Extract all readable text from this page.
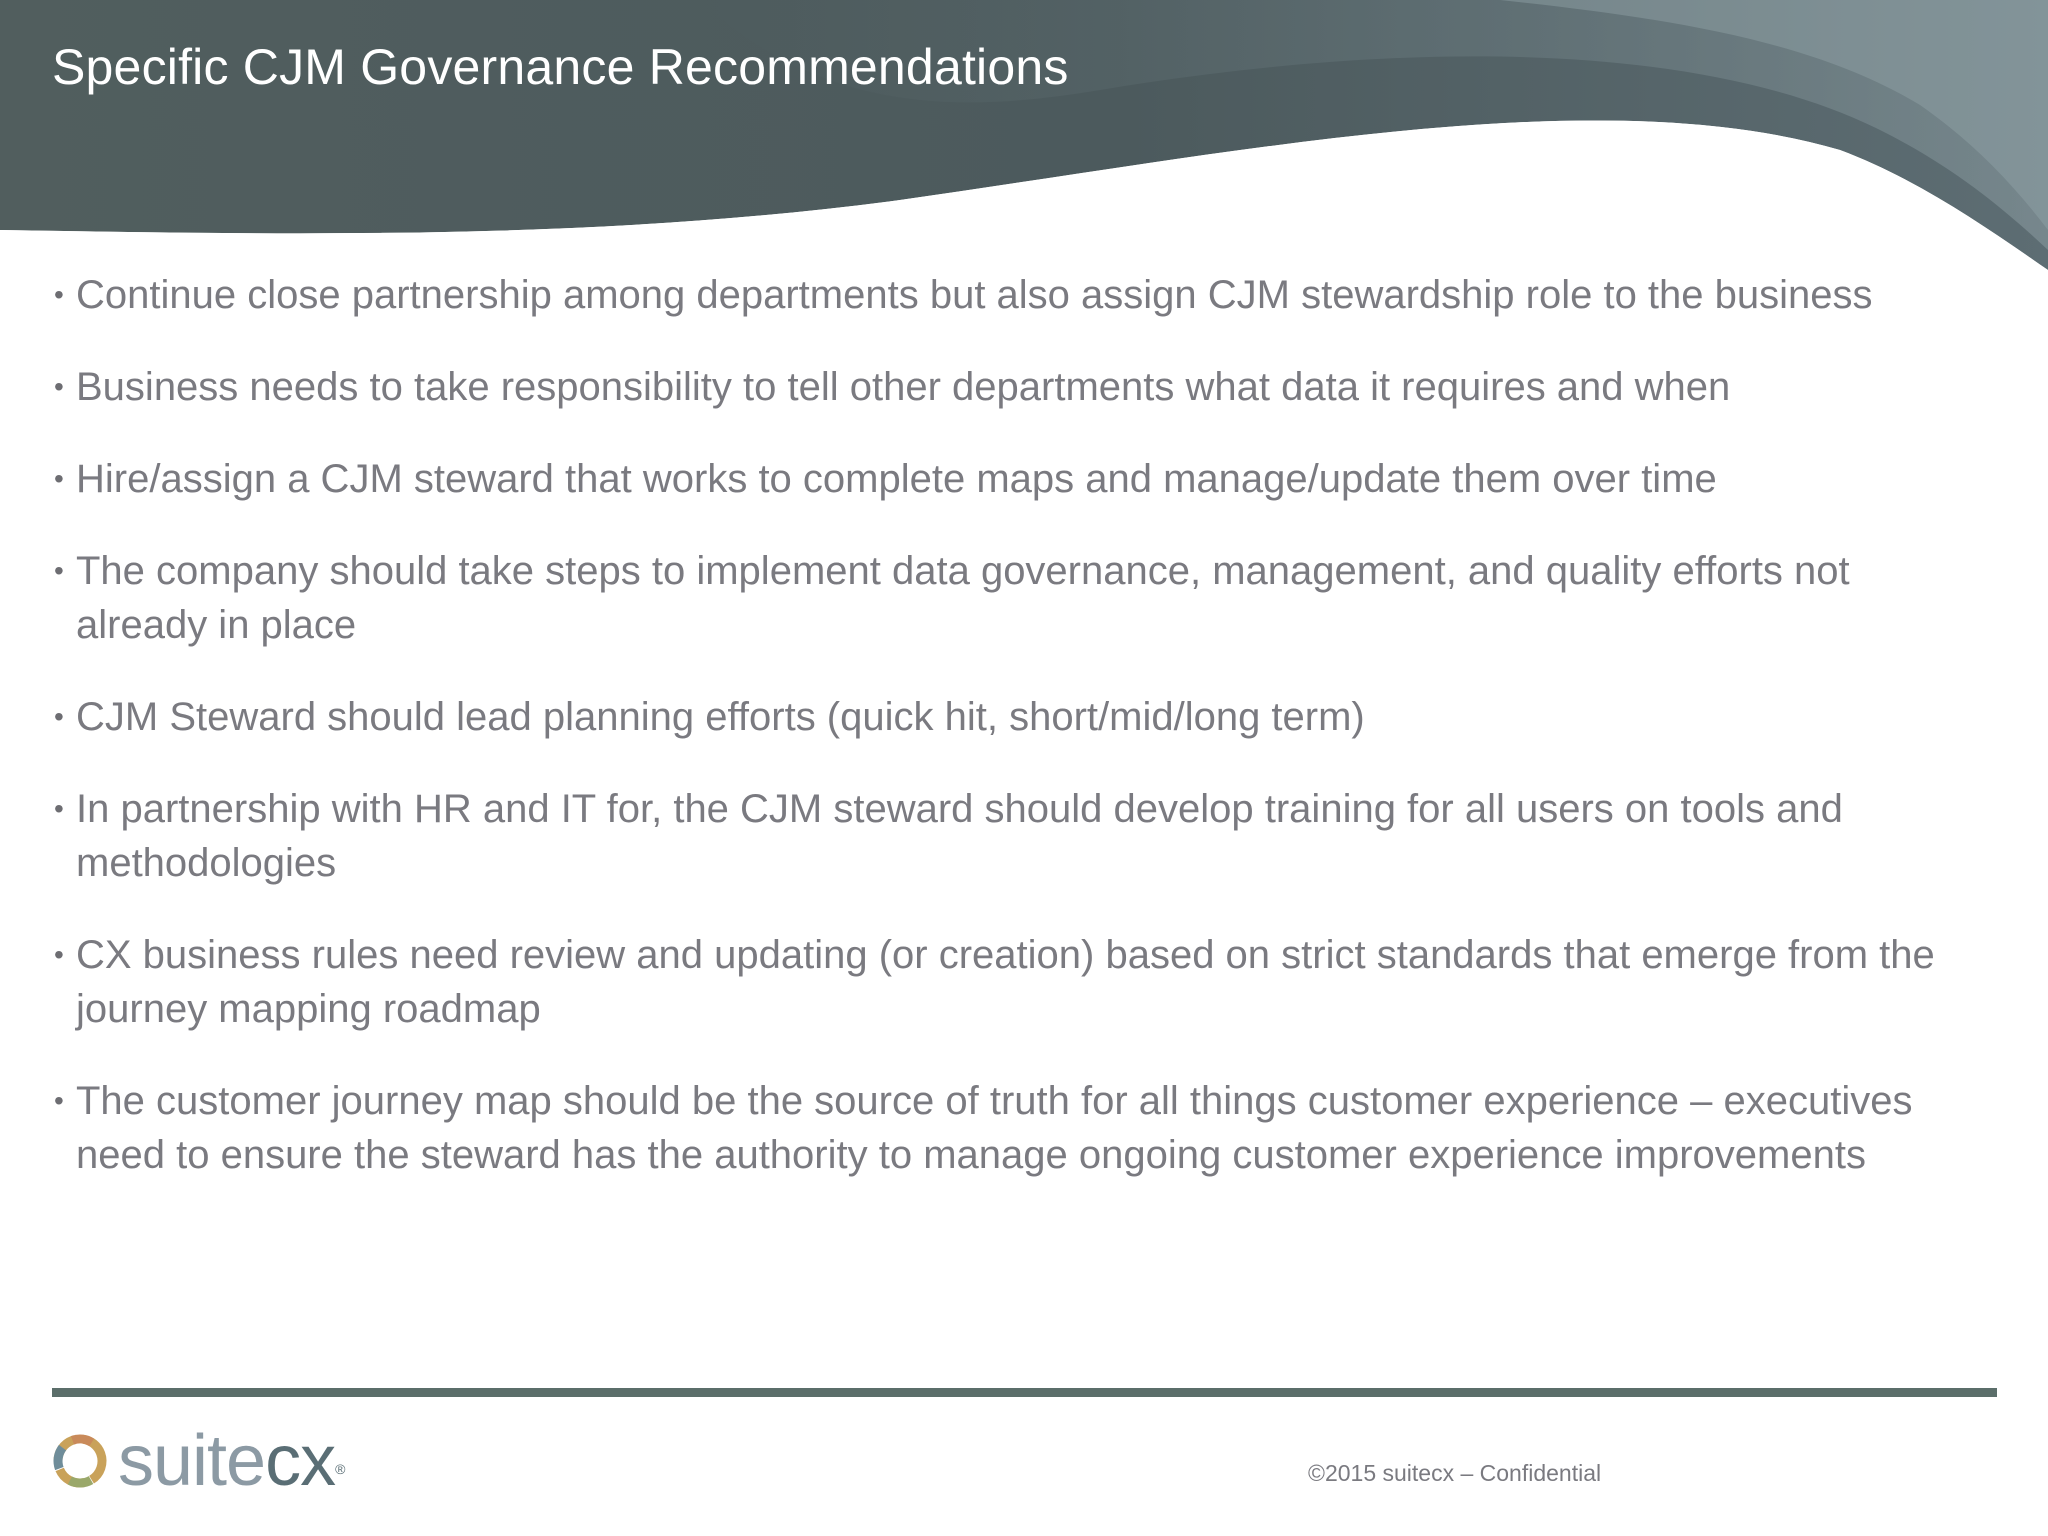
Specific CJM Governance Recommendations
• Continue close partnership among departments but also assign CJM stewardship role to the business
• Business needs to take responsibility to tell other departments what data it requires and when
• Hire/assign a CJM steward that works to complete maps and manage/update them over time
• The company should take steps to implement data governance, management, and quality efforts not already in place
• CJM Steward should lead planning efforts (quick hit, short/mid/long term)
• In partnership with HR and IT for, the CJM steward should develop training for all users on tools and methodologies
• CX business rules need review and updating (or creation) based on strict standards that emerge from the journey mapping roadmap
• The customer journey map should be the source of truth for all things customer experience – executives need to ensure the steward has the authority to manage ongoing customer experience improvements
suitecx®	©2015 suitecx – Confidential
